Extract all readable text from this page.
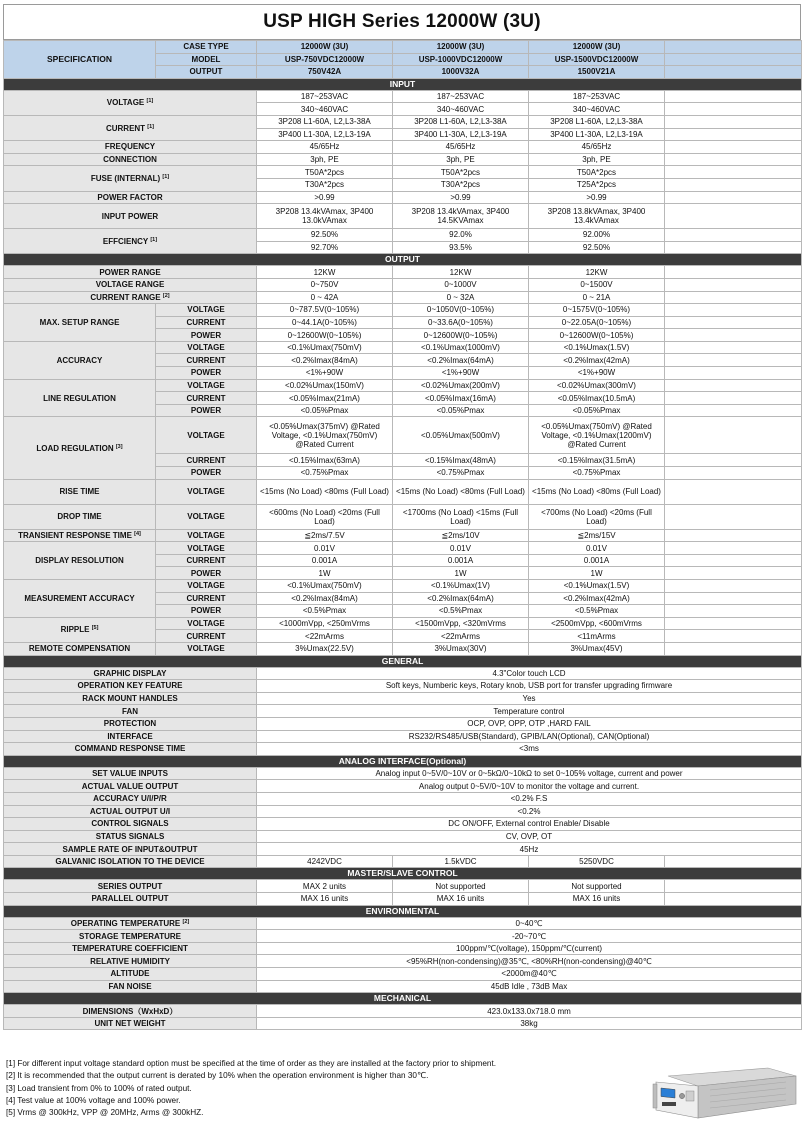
USP HIGH Series 12000W (3U)
SPECIFICATION	CASE TYPE	12000W (3U)	12000W (3U)	12000W (3U)	
	MODEL	USP-750VDC12000W	USP-1000VDC12000W	USP-1500VDC12000W	
	OUTPUT	750V42A	1000V32A	1500V21A	
INPUT					
VOLTAGE [1]		187~253VAC	187~253VAC	187~253VAC	
		340~460VAC	340~460VAC	340~460VAC	
CURRENT [1]		3P208 L1-60A, L2,L3-38A	3P208 L1-60A, L2,L3-38A	3P208 L1-60A, L2,L3-38A	
		3P400 L1-30A, L2,L3-19A	3P400 L1-30A, L2,L3-19A	3P400 L1-30A, L2,L3-19A	
FREQUENCY		45/65Hz	45/65Hz	45/65Hz	
CONNECTION		3ph, PE	3ph, PE	3ph, PE	
FUSE (INTERNAL) [1]		T50A*2pcs	T50A*2pcs	T50A*2pcs	
		T30A*2pcs	T30A*2pcs	T25A*2pcs	
POWER FACTOR		>0.99	>0.99	>0.99	
INPUT POWER		3P208 13.4kVAmax, 3P400 13.0kVAmax	3P208 13.4kVAmax, 3P400 14.5KVAmax	3P208 13.8kVAmax, 3P400 13.4kVAmax	
EFFCIENCY [1]		92.50%	92.0%	92.00%	
		92.70%	93.5%	92.50%	
OUTPUT					
POWER RANGE		12KW	12KW	12KW	
VOLTAGE RANGE		0~750V	0~1000V	0~1500V	
CURRENT RANGE [2]		0 ~ 42A	0 ~ 32A	0 ~ 21A	
MAX. SETUP RANGE	VOLTAGE	0~787.5V(0~105%)	0~1050V(0~105%)	0~1575V(0~105%)	
	CURRENT	0~44.1A(0~105%)	0~33.6A(0~105%)	0~22.05A(0~105%)	
	POWER	0~12600W(0~105%)	0~12600W(0~105%)	0~12600W(0~105%)	
ACCURACY	VOLTAGE	<0.1%Umax(750mV)	<0.1%Umax(1000mV)	<0.1%Umax(1.5V)	
	CURRENT	<0.2%Imax(84mA)	<0.2%Imax(64mA)	<0.2%Imax(42mA)	
	POWER	<1%+90W	<1%+90W	<1%+90W	
LINE REGULATION	VOLTAGE	<0.02%Umax(150mV)	<0.02%Umax(200mV)	<0.02%Umax(300mV)	
	CURRENT	<0.05%Imax(21mA)	<0.05%Imax(16mA)	<0.05%Imax(10.5mA)	
	POWER	<0.05%Pmax	<0.05%Pmax	<0.05%Pmax	
LOAD REGULATION [3]	VOLTAGE	<0.05%Umax(375mV) @Rated Voltage, <0.1%Umax(750mV) @Rated Current	<0.05%Umax(500mV)	<0.05%Umax(750mV) @Rated Voltage, <0.1%Umax(1200mV) @Rated Current	
	CURRENT	<0.15%Imax(63mA)	<0.15%Imax(48mA)	<0.15%Imax(31.5mA)	
	POWER	<0.75%Pmax	<0.75%Pmax	<0.75%Pmax	
RISE TIME	VOLTAGE	<15ms (No Load) <80ms (Full Load)	<15ms (No Load) <80ms (Full Load)	<15ms (No Load) <80ms (Full Load)	
DROP TIME	VOLTAGE	<600ms (No Load) <20ms (Full Load)	<1700ms (No Load) <15ms (Full Load)	<700ms (No Load) <20ms (Full Load)	
TRANSIENT RESPONSE TIME [4]	VOLTAGE	≦2ms/7.5V	≦2ms/10V	≦2ms/15V	
DISPLAY RESOLUTION	VOLTAGE	0.01V	0.01V	0.01V	
	CURRENT	0.001A	0.001A	0.001A	
	POWER	1W	1W	1W	
MEASUREMENT ACCURACY	VOLTAGE	<0.1%Umax(750mV)	<0.1%Umax(1V)	<0.1%Umax(1.5V)	
	CURRENT	<0.2%Imax(84mA)	<0.2%Imax(64mA)	<0.2%Imax(42mA)	
	POWER	<0.5%Pmax	<0.5%Pmax	<0.5%Pmax	
RIPPLE [5]	VOLTAGE	<1000mVpp, <250mVrms	<1500mVpp, <320mVrms	<2500mVpp, <600mVrms	
	CURRENT	<22mArms	<22mArms	<11mArms	
REMOTE COMPENSATION	VOLTAGE	3%Umax(22.5V)	3%Umax(30V)	3%Umax(45V)	
GENERAL					
GRAPHIC DISPLAY		4.3"Color touch LCD			
OPERATION KEY FEATURE		Soft keys, Numberic keys, Rotary knob, USB port for transfer upgrading firmware			
RACK MOUNT HANDLES		Yes			
FAN		Temperature control			
PROTECTION		OCP, OVP, OPP, OTP ,HARD FAIL			
INTERFACE		RS232/RS485/USB(Standard), GPIB/LAN(Optional), CAN(Optional)			
COMMAND RESPONSE TIME		<3ms			
ANALOG INTERFACE(Optional)					
SET VALUE INPUTS		Analog input 0~5V/0~10V or 0~5kΩ/0~10kΩ to set 0~105% voltage, current and power			
ACTUAL VALUE OUTPUT		Analog output 0~5V/0~10V to monitor the voltage and current.			
ACCURACY U/I/P/R		<0.2% F.S			
ACTUAL OUTPUT U/I		<0.2%			
CONTROL SIGNALS		DC ON/OFF, External control Enable/ Disable			
STATUS SIGNALS		CV, OVP, OT			
SAMPLE RATE OF INPUT&OUTPUT		45Hz			
GALVANIC ISOLATION TO THE DEVICE		4242VDC	1.5kVDC	5250VDC	
MASTER/SLAVE CONTROL					
SERIES OUTPUT		MAX 2 units	Not supported	Not supported	
PARALLEL OUTPUT		MAX 16 units	MAX 16 units	MAX 16 units	
ENVIRONMENTAL					
OPERATING TEMPERATURE [2]		0~40℃			
STORAGE TEMPERATURE		-20~70℃			
TEMPERATURE COEFFICIENT		100ppm/℃(voltage), 150ppm/℃(current)			
RELATIVE HUMIDITY		<95%RH(non-condensing)@35℃, <80%RH(non-condensing)@40℃			
ALTITUDE		<2000m@40℃			
FAN NOISE		45dB Idle , 73dB Max			
MECHANICAL					
DIMENSIONS（WxHxD）		423.0x133.0x718.0 mm			
UNIT NET WEIGHT		38kg			
[1] For different input voltage standard option must be specified at the time of order as they are installed at the factory prior to shipment.
[2] It is recommended that the output current is derated by 10% when the operation environment is higher than 30℃.
[3] Load transient from 0% to 100% of rated output.
[4] Test value at 100% voltage and 100% power.
[5] Vrms @ 300kHz, VPP @ 20MHz, Arms @ 300kHZ.
